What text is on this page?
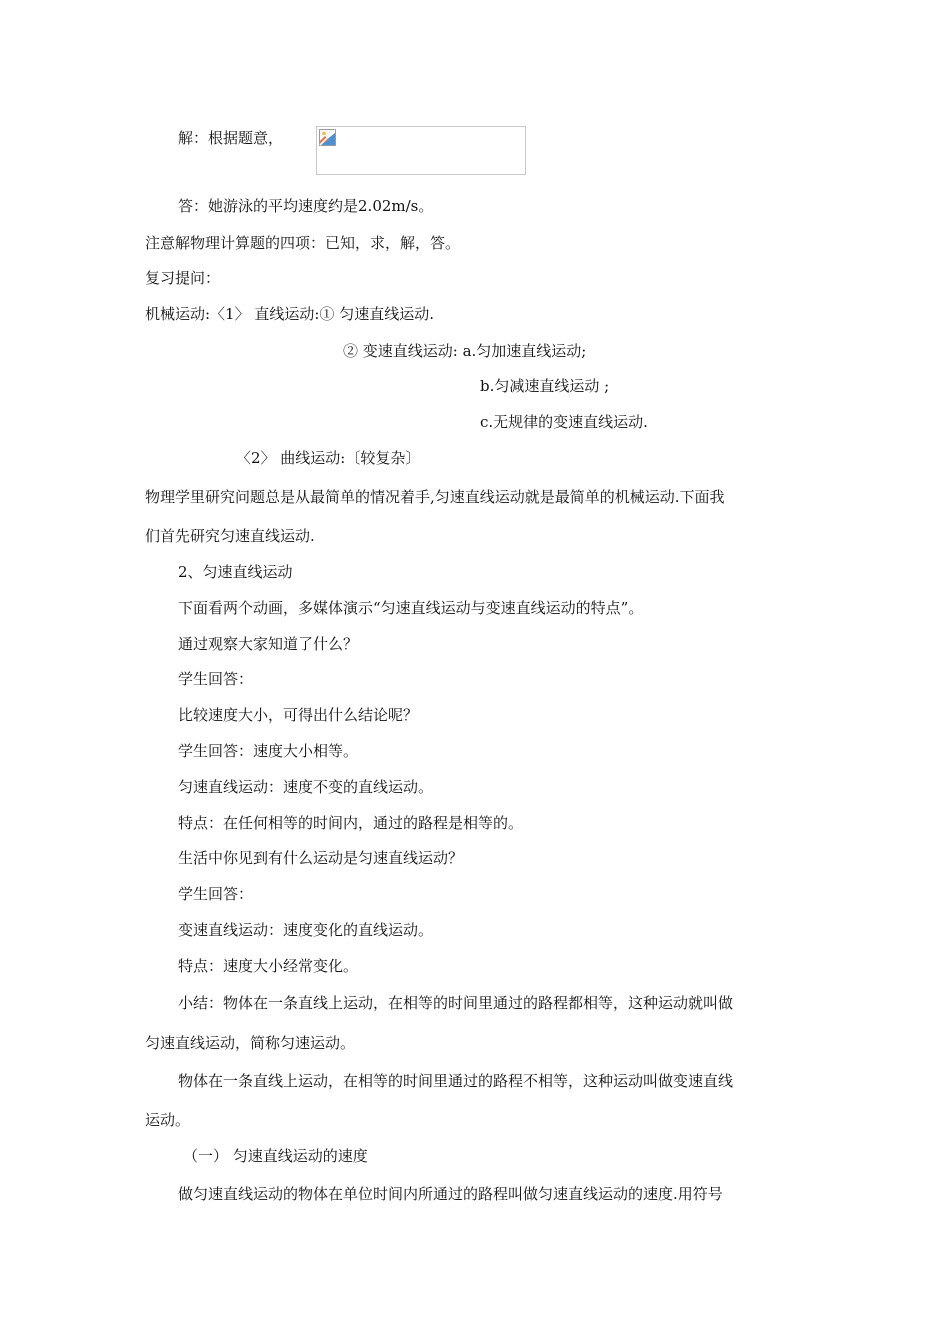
解：根据题意，
答：她游泳的平均速度约是2.02m/s。
注意解物理计算题的四项：已知，求，解，答。
复习提问：
机械运动:〈1〉 直线运动:① 匀速直线运动.
② 变速直线运动: a.匀加速直线运动;
b.匀减速直线运动 ;
c.无规律的变速直线运动.
〈2〉 曲线运动:〔较复杂〕
物理学里研究问题总是从最简单的情况着手,匀速直线运动就是最简单的机械运动.下面我
们首先研究匀速直线运动.
2、匀速直线运动
下面看两个动画，多媒体演示“匀速直线运动与变速直线运动的特点”。
通过观察大家知道了什么？
学生回答：
比较速度大小，可得出什么结论呢？
学生回答：速度大小相等。
匀速直线运动：速度不变的直线运动。
特点：在任何相等的时间内，通过的路程是相等的。
生活中你见到有什么运动是匀速直线运动？
学生回答：
变速直线运动：速度变化的直线运动。
特点：速度大小经常变化。
小结：物体在一条直线上运动，在相等的时间里通过的路程都相等，这种运动就叫做
匀速直线运动，简称匀速运动。
物体在一条直线上运动，在相等的时间里通过的路程不相等，这种运动叫做变速直线
运动。
（一） 匀速直线运动的速度
做匀速直线运动的物体在单位时间内所通过的路程叫做匀速直线运动的速度.用符号
